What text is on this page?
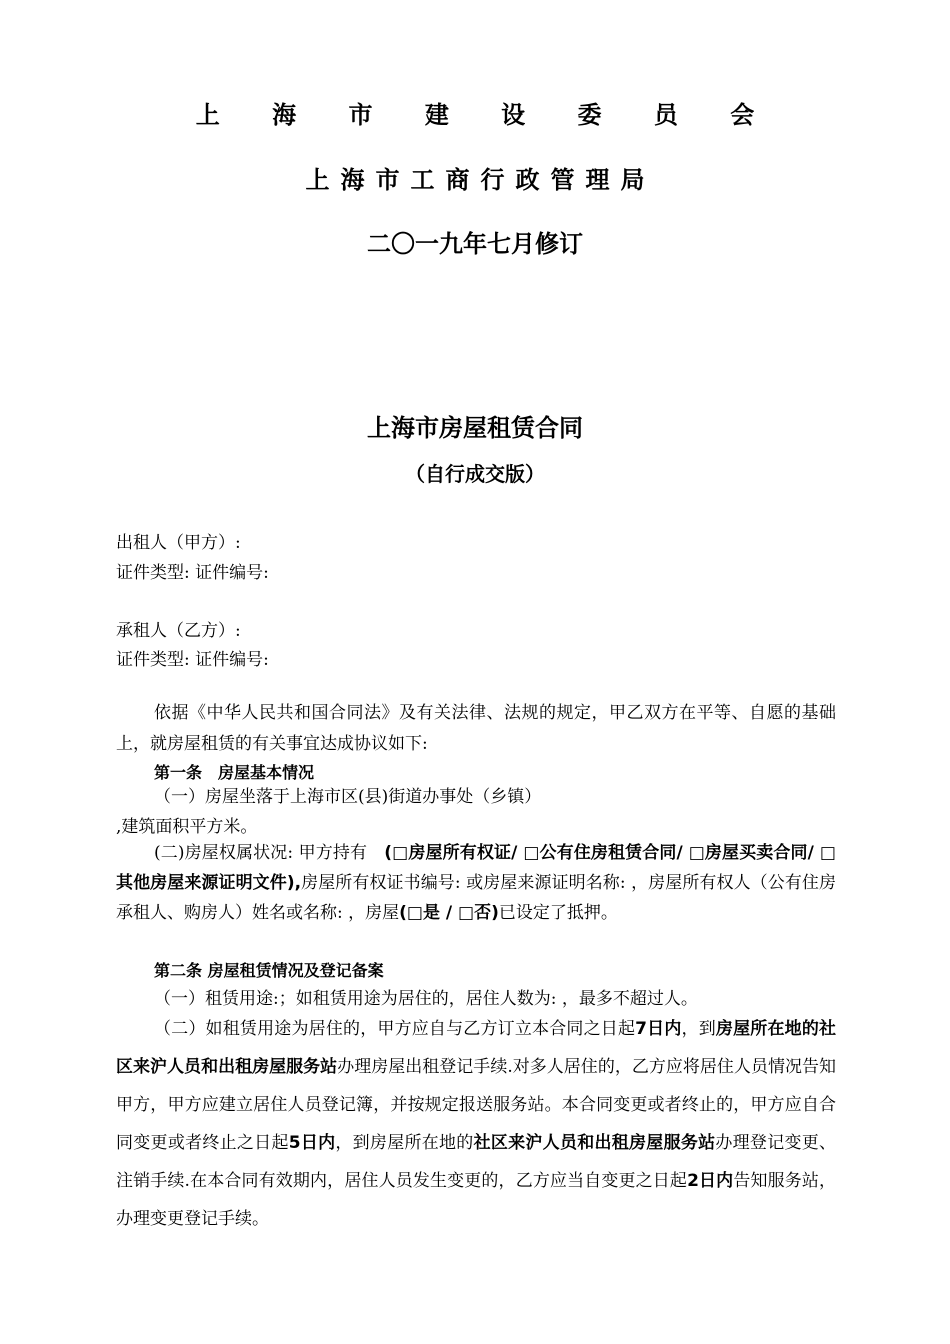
上 海 市 建 设 委 员 会
上海市工商行政管理局
二〇一九年七月修订
上海市房屋租赁合同
（自行成交版）
出租人（甲方）:
证件类型: 证件编号:
承租人（乙方）:
证件类型: 证件编号:
依据《中华人民共和国合同法》及有关法律、法规的规定，甲乙双方在平等、自愿的基础上，就房屋租赁的有关事宜达成协议如下:
第一条　房屋基本情况
（一）房屋坐落于上海市区(县)街道办事处（乡镇）
,建筑面积平方米。
(二)房屋权属状况: 甲方持有　(□房屋所有权证/ □公有住房租赁合同/ □房屋买卖合同/ □其他房屋来源证明文件),房屋所有权证书编号: 或房屋来源证明名称: ，房屋所有权人（公有住房承租人、购房人）姓名或名称: ，房屋(□是 / □否)已设定了抵押。
第二条 房屋租赁情况及登记备案
（一）租赁用途:；如租赁用途为居住的，居住人数为: ，最多不超过人。
（二）如租赁用途为居住的，甲方应自与乙方订立本合同之日起7日内，到房屋所在地的社区来沪人员和出租房屋服务站办理房屋出租登记手续.对多人居住的，乙方应将居住人员情况告知甲方，甲方应建立居住人员登记簿，并按规定报送服务站。本合同变更或者终止的，甲方应自合同变更或者终止之日起5日内，到房屋所在地的社区来沪人员和出租房屋服务站办理登记变更、注销手续.在本合同有效期内，居住人员发生变更的，乙方应当自变更之日起2日内告知服务站，办理变更登记手续。
